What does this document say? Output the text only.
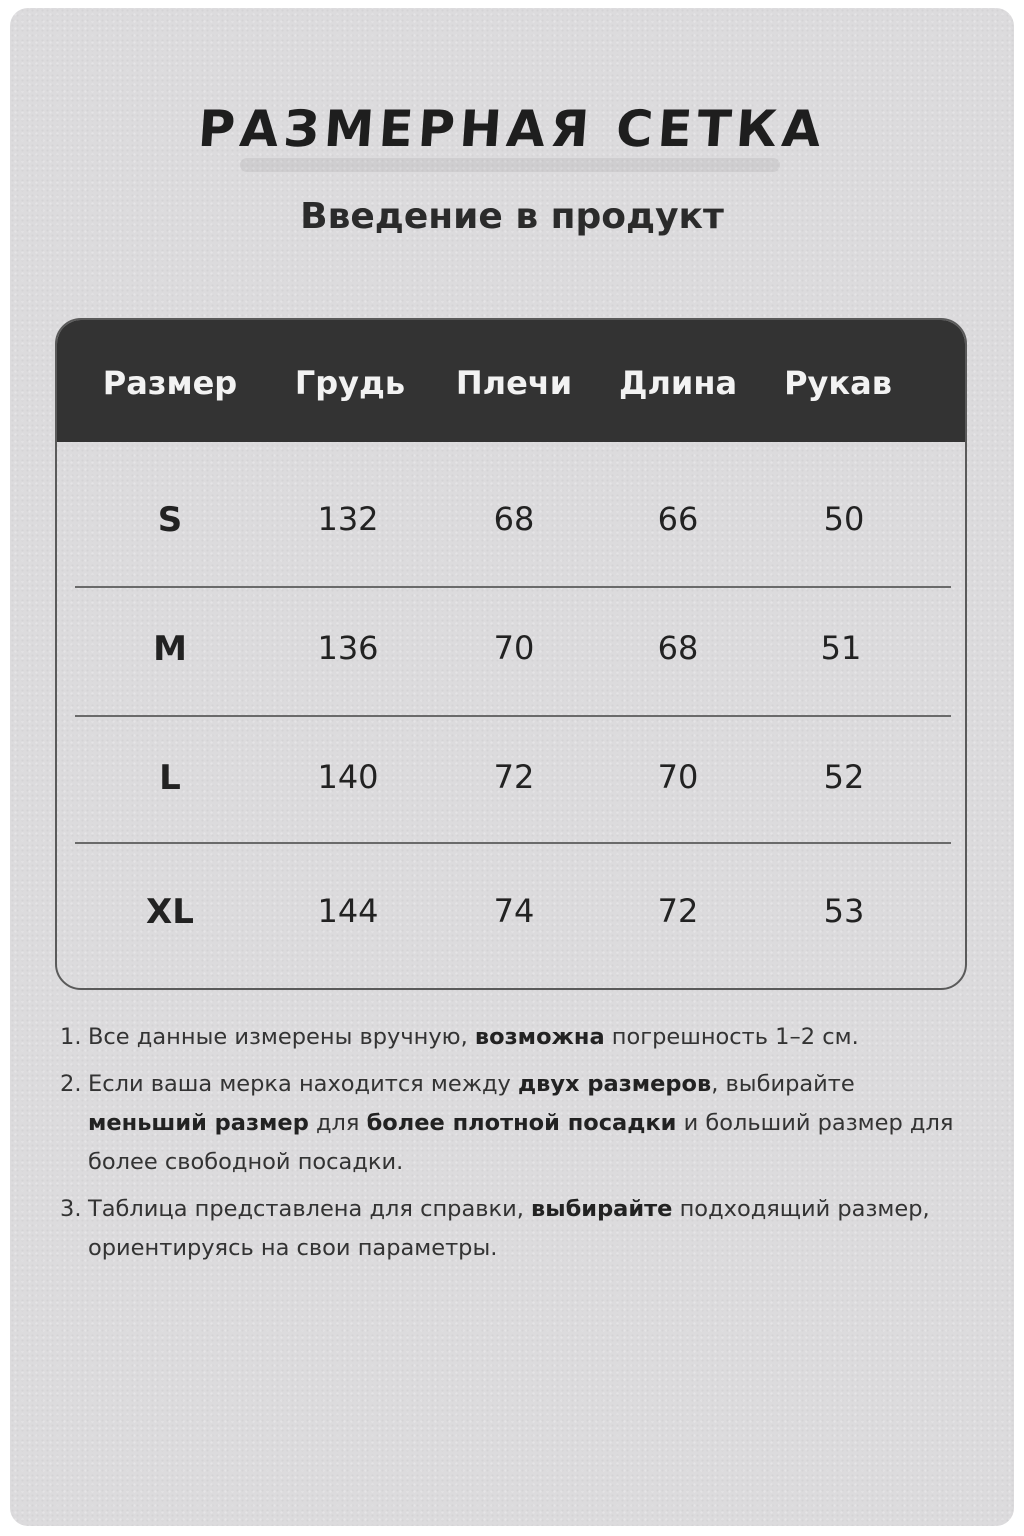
РАЗМЕРНАЯ СЕТКА
Введение в продукт
Размер Грудь Плечи Длина Рукав
S	132	68	66	50
M	136	70	68	51
L	140	72	70	52
XL	144	74	72	53
1. Все данные измерены вручную, возможна погрешность 1–2 см.
2. Если ваша мерка находится между двух размеров, выбирайте меньший размер для более плотной посадки и больший размер для более свободной посадки.
3. Таблица представлена для справки, выбирайте подходящий размер, ориентируясь на свои параметры.
